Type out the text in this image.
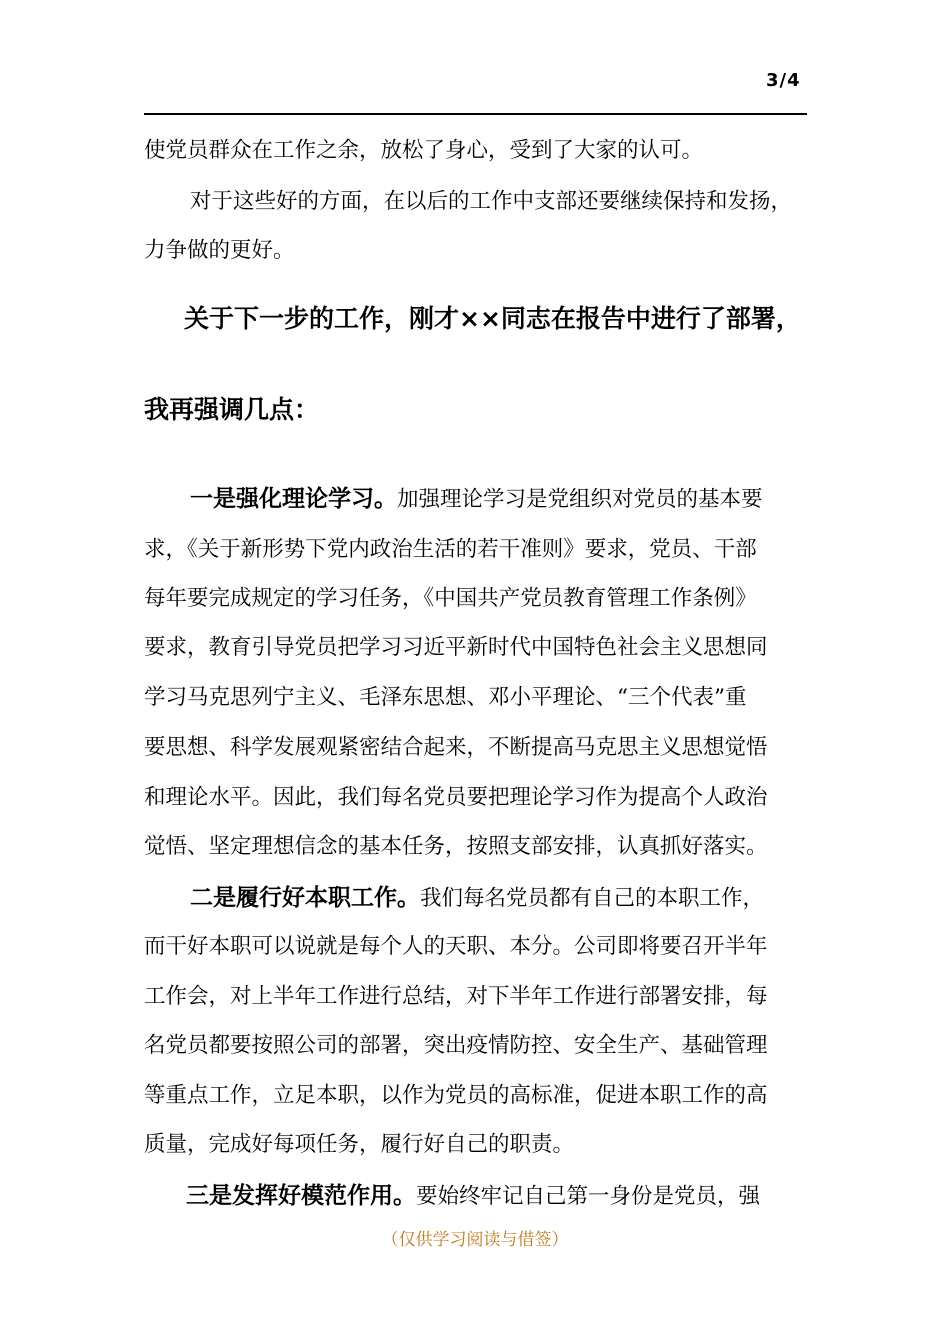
3/4
使党员群众在工作之余，放松了身心，受到了大家的认可。
对于这些好的方面，在以后的工作中支部还要继续保持和发扬，
力争做的更好。
关于下一步的工作，刚才××同志在报告中进行了部署，
我再强调几点：
一是强化理论学习。加强理论学习是党组织对党员的基本要
求，《关于新形势下党内政治生活的若干准则》要求，党员、干部
每年要完成规定的学习任务，《中国共产党员教育管理工作条例》
要求，教育引导党员把学习习近平新时代中国特色社会主义思想同
学习马克思列宁主义、毛泽东思想、邓小平理论、“三个代表”重
要思想、科学发展观紧密结合起来，不断提高马克思主义思想觉悟
和理论水平。因此，我们每名党员要把理论学习作为提高个人政治
觉悟、坚定理想信念的基本任务，按照支部安排，认真抓好落实。
二是履行好本职工作。我们每名党员都有自己的本职工作，
而干好本职可以说就是每个人的天职、本分。公司即将要召开半年
工作会，对上半年工作进行总结，对下半年工作进行部署安排，每
名党员都要按照公司的部署，突出疫情防控、安全生产、基础管理
等重点工作，立足本职，以作为党员的高标准，促进本职工作的高
质量，完成好每项任务，履行好自己的职责。
三是发挥好模范作用。要始终牢记自己第一身份是党员，强
（仅供学习阅读与借签）
